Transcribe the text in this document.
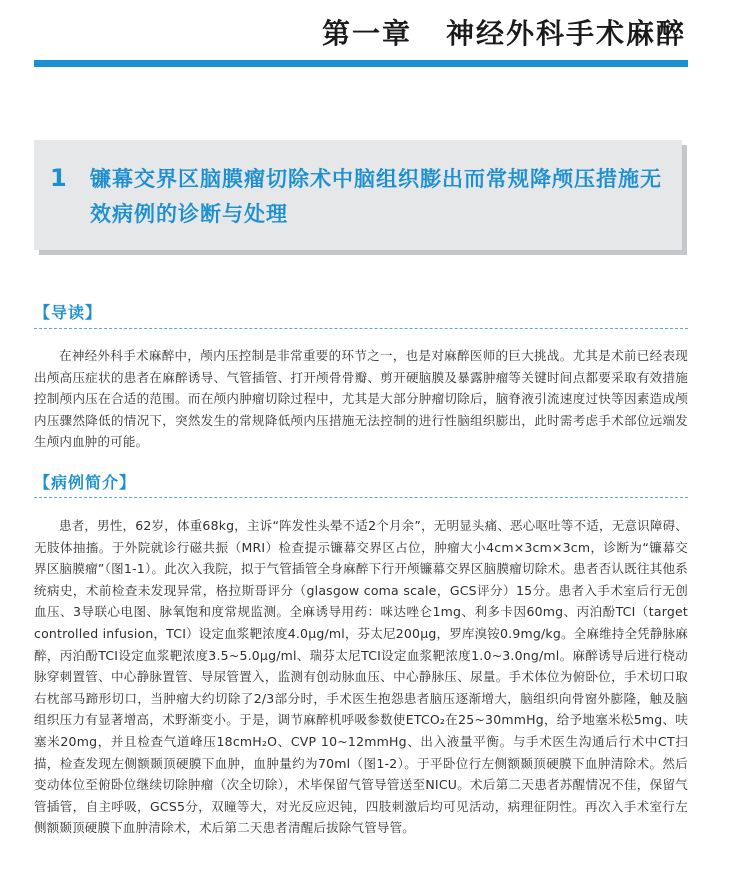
第一章 神经外科手术麻醉
1 镰幕交界区脑膜瘤切除术中脑组织膨出而常规降颅压措施无效病例的诊断与处理
【导读】
在神经外科手术麻醉中，颅内压控制是非常重要的环节之一，也是对麻醉医师的巨大挑战。尤其是术前已经表现出颅高压症状的患者在麻醉诱导、气管插管、打开颅骨骨瓣、剪开硬脑膜及暴露肿瘤等关键时间点都要采取有效措施控制颅内压在合适的范围。而在颅内肿瘤切除过程中，尤其是大部分肿瘤切除后，脑脊液引流速度过快等因素造成颅内压骤然降低的情况下，突然发生的常规降低颅内压措施无法控制的进行性脑组织膨出，此时需考虑手术部位远端发生颅内血肿的可能。
【病例简介】
患者，男性，62岁，体重68kg，主诉“阵发性头晕不适2个月余”，无明显头痛、恶心呕吐等不适，无意识障碍、无肢体抽搐。于外院就诊行磁共振（MRI）检查提示镰幕交界区占位，肿瘤大小4cm×3cm×3cm，诊断为“镰幕交界区脑膜瘤”（图1-1）。此次入我院，拟于气管插管全身麻醉下行开颅镰幕交界区脑膜瘤切除术。患者否认既往其他系统病史，术前检查未发现异常，格拉斯哥评分（glasgow coma scale，GCS评分）15分。患者入手术室后行无创血压、3导联心电图、脉氧饱和度常规监测。全麻诱导用药：咪达唑仑1mg、利多卡因60mg、丙泊酚TCI（target controlled infusion，TCI）设定血浆靶浓度4.0μg/ml，芬太尼200μg，罗库溴铵0.9mg/kg。全麻维持全凭静脉麻醉，丙泊酚TCI设定血浆靶浓度3.5~5.0μg/ml、瑞芬太尼TCI设定血浆靶浓度1.0~3.0ng/ml。麻醉诱导后进行桡动脉穿刺置管、中心静脉置管、导尿管置入，监测有创动脉血压、中心静脉压、尿量。手术体位为俯卧位，手术切口取右枕部马蹄形切口，当肿瘤大约切除了2/3部分时，手术医生抱怨患者脑压逐渐增大，脑组织向骨窗外膨隆，触及脑组织压力有显著增高，术野渐变小。于是，调节麻醉机呼吸参数使ETCO₂在25~30mmHg，给予地塞米松5mg、呋塞米20mg，并且检查气道峰压18cmH₂O、CVP 10~12mmHg、出入液量平衡。与手术医生沟通后行术中CT扫描，检查发现左侧额颞顶硬膜下血肿，血肿量约为70ml（图1-2）。于平卧位行左侧额颞顶硬膜下血肿清除术。然后变动体位至俯卧位继续切除肿瘤（次全切除），术毕保留气管导管送至NICU。术后第二天患者苏醒情况不佳，保留气管插管，自主呼吸，GCS5分，双瞳等大，对光反应迟钝，四肢刺激后均可见活动，病理征阴性。再次入手术室行左侧额颞顶硬膜下血肿清除术，术后第二天患者清醒后拔除气管导管。
